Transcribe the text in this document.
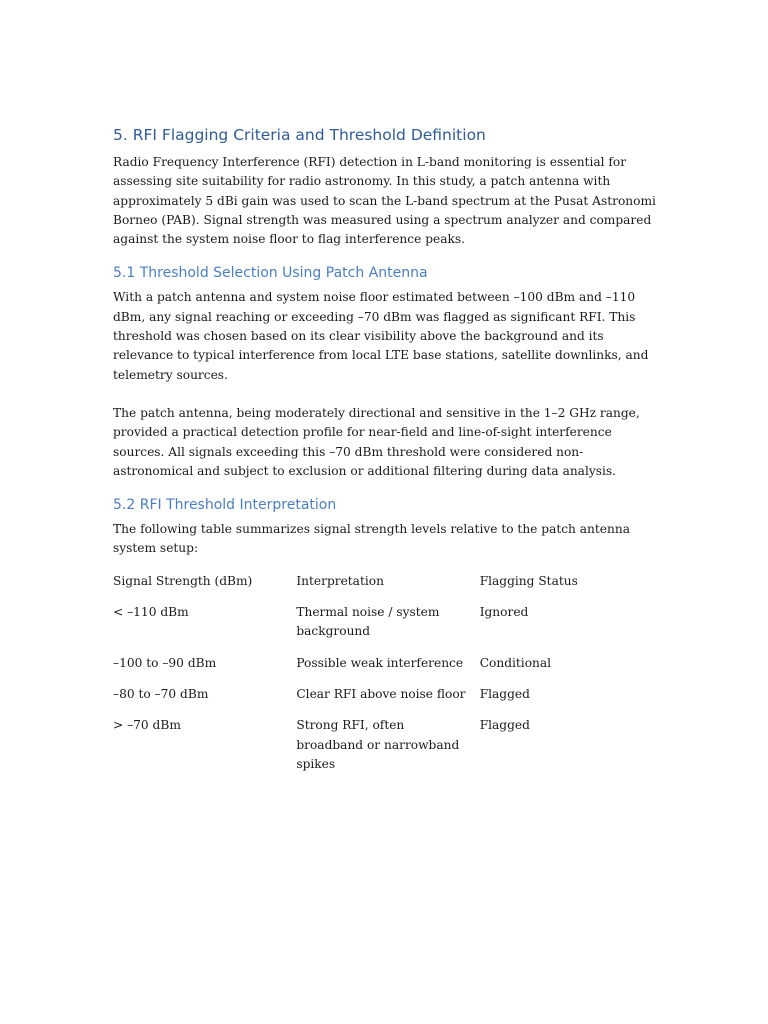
5. RFI Flagging Criteria and Threshold Definition

Radio Frequency Interference (RFI) detection in L-band monitoring is essential for assessing site suitability for radio astronomy. In this study, a patch antenna with approximately 5 dBi gain was used to scan the L-band spectrum at the Pusat Astronomi Borneo (PAB). Signal strength was measured using a spectrum analyzer and compared against the system noise floor to flag interference peaks.

5.1 Threshold Selection Using Patch Antenna

With a patch antenna and system noise floor estimated between –100 dBm and –110 dBm, any signal reaching or exceeding –70 dBm was flagged as significant RFI. This threshold was chosen based on its clear visibility above the background and its relevance to typical interference from local LTE base stations, satellite downlinks, and telemetry sources.

The patch antenna, being moderately directional and sensitive in the 1–2 GHz range, provided a practical detection profile for near-field and line-of-sight interference sources. All signals exceeding this –70 dBm threshold were considered non-astronomical and subject to exclusion or additional filtering during data analysis.

5.2 RFI Threshold Interpretation

The following table summarizes signal strength levels relative to the patch antenna system setup:

Signal Strength (dBm)	Interpretation	Flagging Status
< –110 dBm	Thermal noise / system background	Ignored
–100 to –90 dBm	Possible weak interference	Conditional
–80 to –70 dBm	Clear RFI above noise floor	Flagged
> –70 dBm	Strong RFI, often broadband or narrowband spikes	Flagged
